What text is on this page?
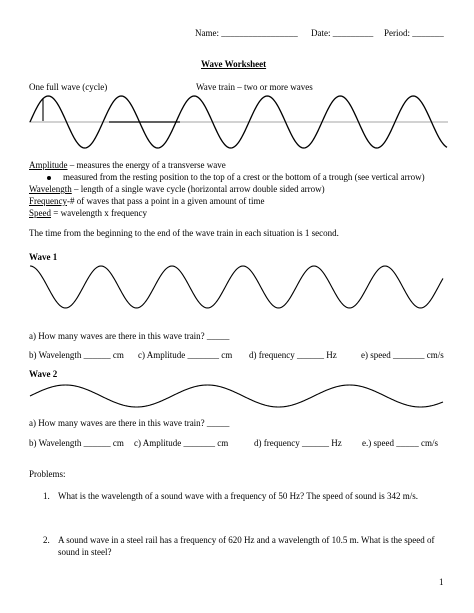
Name: _________________ Date: _________ Period: _______
Wave Worksheet
One full wave (cycle)	Wave train – two or more waves
Amplitude – measures the energy of a transverse wave
measured from the resting position to the top of a crest or the bottom of a trough (see vertical arrow)
Wavelength – length of a single wave cycle (horizontal arrow double sided arrow)
Frequency-# of waves that pass a point in a given amount of time
Speed = wavelength x frequency
The time from the beginning to the end of the wave train in each situation is 1 second.
Wave 1
a) How many waves are there in this wave train? _____
b) Wavelength ______ cm c) Amplitude _______ cm d) frequency ______ Hz	e) speed _______ cm/s
Wave 2
a) How many waves are there in this wave train? _____
b) Wavelength ______ cm c) Amplitude _______ cm	d) frequency ______ Hz e.) speed _____ cm/s
Problems:
1. What is the wavelength of a sound wave with a frequency of 50 Hz? The speed of sound is 342 m/s.
2. A sound wave in a steel rail has a frequency of 620 Hz and a wavelength of 10.5 m. What is the speed of
sound in steel?
1
